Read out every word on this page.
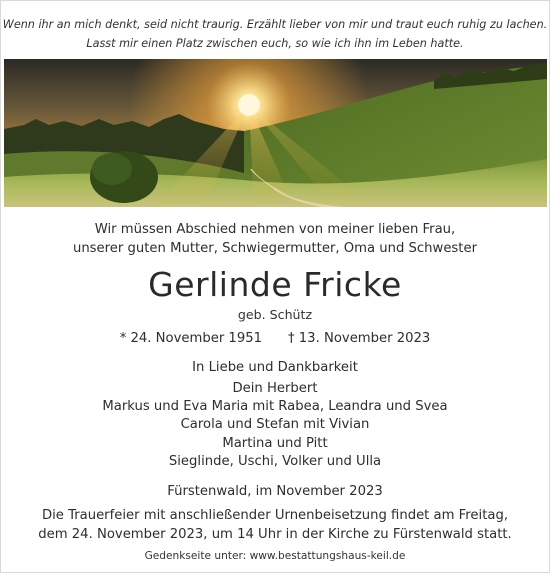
Wenn ihr an mich denkt, seid nicht traurig. Erzählt lieber von mir und traut euch ruhig zu lachen.
Lasst mir einen Platz zwischen euch, so wie ich ihn im Leben hatte.
Wir müssen Abschied nehmen von meiner lieben Frau,
unserer guten Mutter, Schwiegermutter, Oma und Schwester
Gerlinde Fricke
geb. Schütz
* 24. November 1951 † 13. November 2023
In Liebe und Dankbarkeit
Dein Herbert
Markus und Eva Maria mit Rabea, Leandra und Svea
Carola und Stefan mit Vivian
Martina und Pitt
Sieglinde, Uschi, Volker und Ulla
Fürstenwald, im November 2023
Die Trauerfeier mit anschließender Urnenbeisetzung findet am Freitag,
dem 24. November 2023, um 14 Uhr in der Kirche zu Fürstenwald statt.
Gedenkseite unter: www.bestattungshaus-keil.de
